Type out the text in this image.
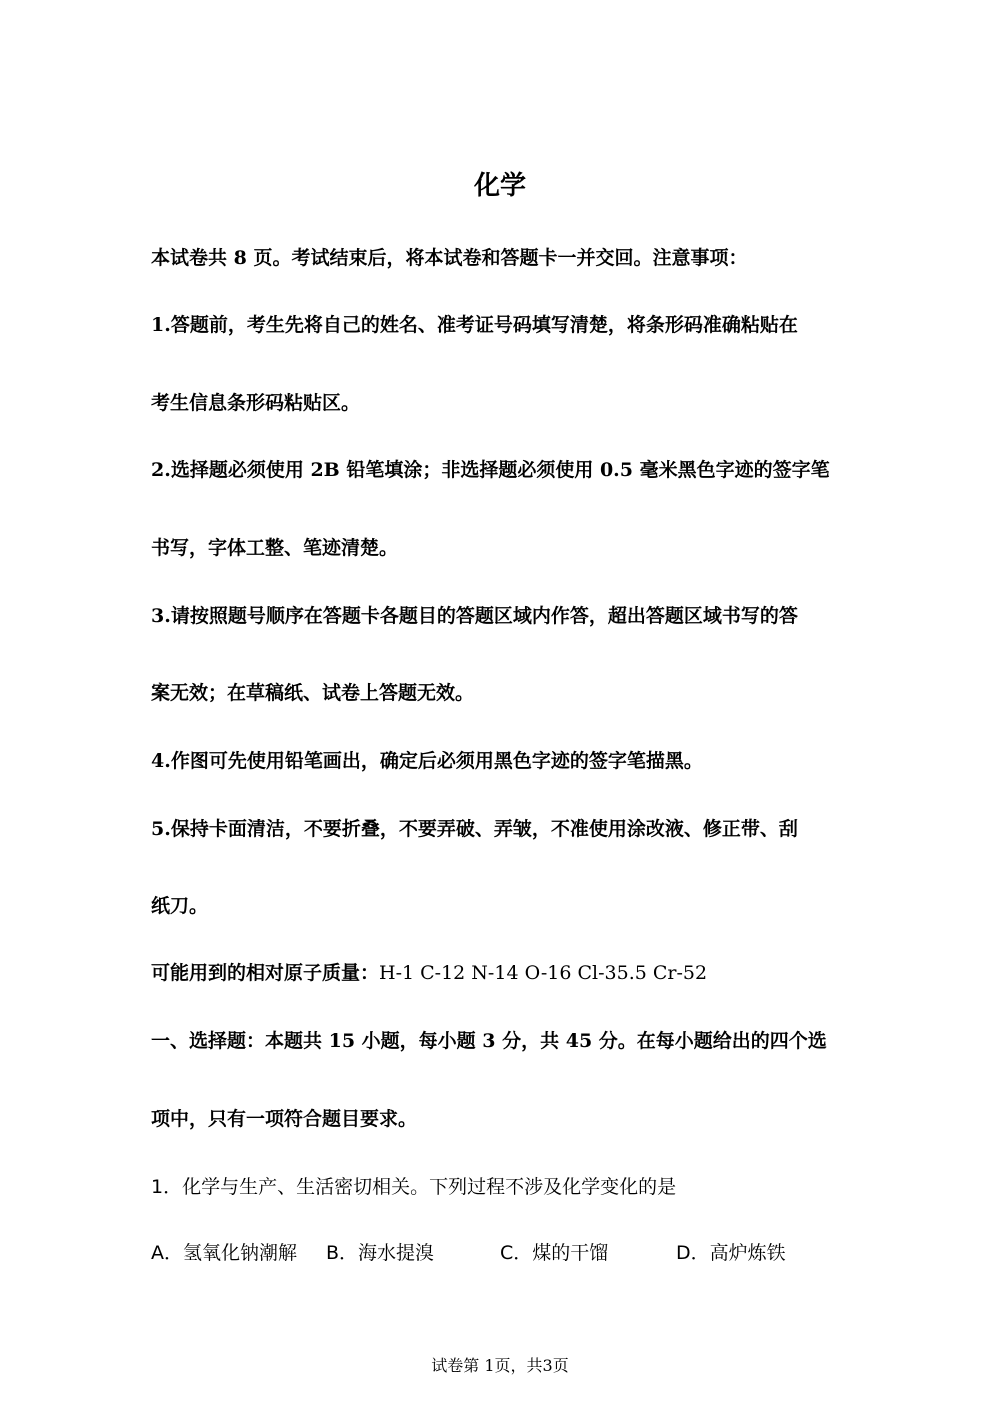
化学
本试卷共 8 页。考试结束后，将本试卷和答题卡一并交回。注意事项：
1.答题前，考生先将自己的姓名、准考证号码填写清楚，将条形码准确粘贴在
考生信息条形码粘贴区。
2.选择题必须使用 2B 铅笔填涂；非选择题必须使用 0.5 毫米黑色字迹的签字笔
书写，字体工整、笔迹清楚。
3.请按照题号顺序在答题卡各题目的答题区域内作答，超出答题区域书写的答
案无效；在草稿纸、试卷上答题无效。
4.作图可先使用铅笔画出，确定后必须用黑色字迹的签字笔描黑。
5.保持卡面清洁，不要折叠，不要弄破、弄皱，不准使用涂改液、修正带、刮
纸刀。
可能用到的相对原子质量：H-1 C-12 N-14 O-16 Cl-35.5 Cr-52
一、选择题：本题共 15 小题，每小题 3 分，共 45 分。在每小题给出的四个选
项中，只有一项符合题目要求。
1．化学与生产、生活密切相关。下列过程不涉及化学变化的是
A．氢氧化钠潮解 B．海水提溴	C．煤的干馏	D．高炉炼铁
试卷第 1页，共3页
